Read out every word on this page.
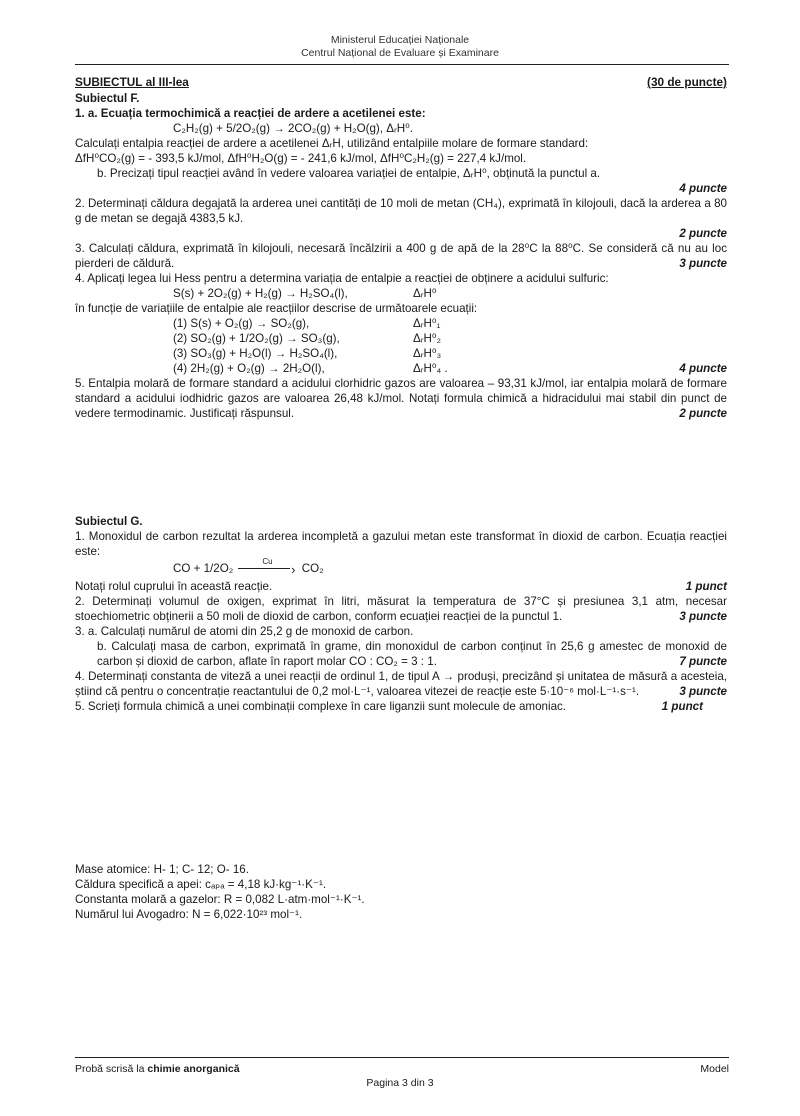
Ministerul Educației Naționale
Centrul Național de Evaluare și Examinare
SUBIECTUL al III-lea	(30 de puncte)
Subiectul F.

1. a. Ecuația termochimică a reacției de ardere a acetilenei este:

C₂H₂(g) + 5/2O₂(g) → 2CO₂(g) + H₂O(g), ΔᵣH⁰.

Calculați entalpia reacției de ardere a acetilenei ΔᵣH, utilizând entalpiile molare de formare standard:

ΔfH⁰CO₂(g) = - 393,5 kJ/mol, ΔfH⁰H₂O(g) = - 241,6 kJ/mol, ΔfH⁰C₂H₂(g) = 227,4 kJ/mol.

b. Precizați tipul reacției având în vedere valoarea variației de entalpie, ΔᵣH⁰, obținută la punctul a.

4 puncte

2. Determinați căldura degajată la arderea unei cantități de 10 moli de metan (CH₄), exprimată în kilojouli, dacă la arderea a 80 g de metan se degajă 4383,5 kJ.

2 puncte

3. Calculați căldura, exprimată în kilojouli, necesară încălzirii a 400 g de apă de la 28⁰C la 88⁰C. Se consideră că nu au loc pierderi de căldură.	3 puncte

4. Aplicați legea lui Hess pentru a determina variația de entalpie a reacției de obținere a acidului sulfuric:

S(s) + 2O₂(g) + H₂(g) → H₂SO₄(l),	ΔᵣH⁰

în funcție de variațiile de entalpie ale reacțiilor descrise de următoarele ecuații:

(1) S(s) + O₂(g) → SO₂(g),	ΔᵣH⁰₁
(2) SO₂(g) + 1/2O₂(g) → SO₃(g),	ΔᵣH⁰₂
(3) SO₃(g) + H₂O(l) → H₂SO₄(l),	ΔᵣH⁰₃
(4) 2H₂(g) + O₂(g) → 2H₂O(l),	ΔᵣH⁰₄ .	4 puncte

5. Entalpia molară de formare standard a acidului clorhidric gazos are valoarea – 93,31 kJ/mol, iar entalpia molară de formare standard a acidului iodhidric gazos are valoarea 26,48 kJ/mol. Notați formula chimică a hidracidului mai stabil din punct de vedere termodinamic. Justificați răspunsul.	2 puncte
Subiectul G.

1. Monoxidul de carbon rezultat la arderea incompletă a gazului metan este transformat în dioxid de carbon. Ecuația reacției este:

CO + 1/2O₂ › Cu CO₂
Notați rolul cuprului în această reacție.	1 punct

2. Determinați volumul de oxigen, exprimat în litri, măsurat la temperatura de 37°C și presiunea 3,1 atm, necesar stoechiometric obținerii a 50 moli de dioxid de carbon, conform ecuației reacției de la punctul 1.	3 puncte

3. a. Calculați numărul de atomi din 25,2 g de monoxid de carbon.

b. Calculați masa de carbon, exprimată în grame, din monoxidul de carbon conținut în 25,6 g amestec de monoxid de carbon și dioxid de carbon, aflate în raport molar CO : CO₂ = 3 : 1.	7 puncte

4. Determinați constanta de viteză a unei reacții de ordinul 1, de tipul A → produși, precizând și unitatea de măsură a acesteia, știind că pentru o concentrație reactantului de 0,2 mol·L⁻¹, valoarea vitezei de reacție este 5·10⁻⁶ mol·L⁻¹·s⁻¹.	3 puncte
5. Scrieți formula chimică a unei combinații complexe în care liganzii sunt molecule de amoniac.	1 punct

Mase atomice: H- 1; C- 12; O- 16.

Căldura specifică a apei: cₐₚₐ = 4,18 kJ·kg⁻¹·K⁻¹.

Constanta molară a gazelor: R = 0,082 L·atm·mol⁻¹·K⁻¹.

Numărul lui Avogadro: N = 6,022·10²³ mol⁻¹.

Probă scrisă la chimie anorganică	Model
Pagina 3 din 3
